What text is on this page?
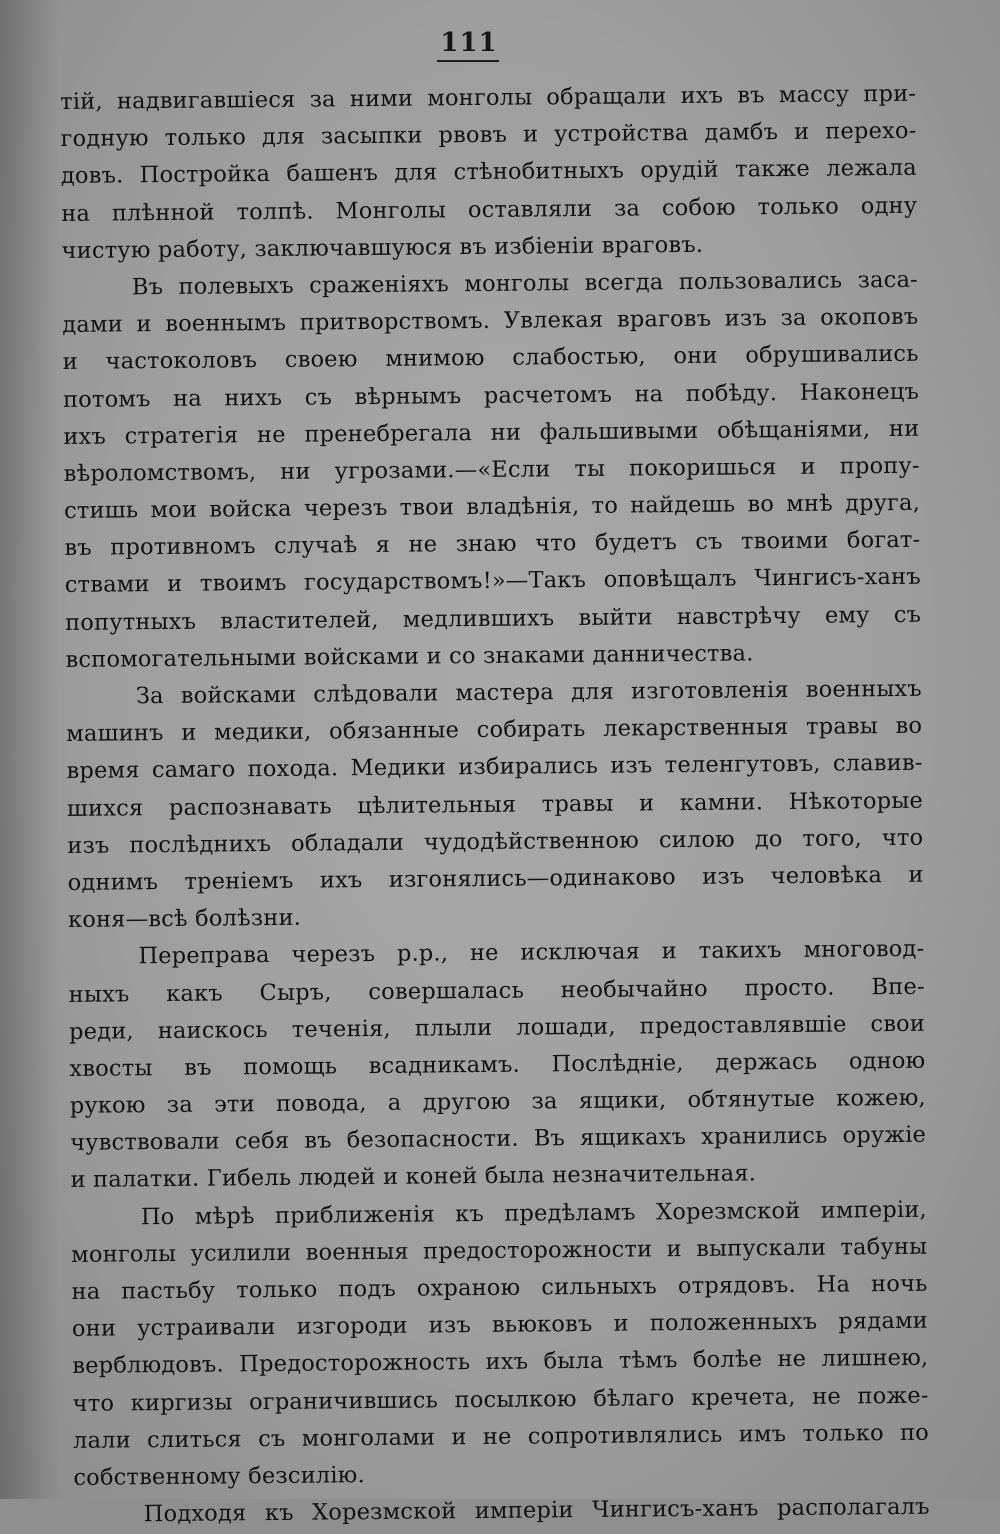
111
тій, надвигавшіеся за ними монголы обращали ихъ въ массу при-
годную только для засыпки рвовъ и устройства дамбъ и перехо-
довъ. Постройка башенъ для стѣнобитныхъ орудій также лежала
на плѣнной толпѣ. Монголы оставляли за собою только одну
чистую работу, заключавшуюся въ избіеніи враговъ.
Въ полевыхъ сраженіяхъ монголы всегда пользовались заса-
дами и военнымъ притворствомъ. Увлекая враговъ изъ за окоповъ
и частоколовъ своею мнимою слабостью, они обрушивались
потомъ на нихъ съ вѣрнымъ расчетомъ на побѣду. Наконецъ
ихъ стратегія не пренебрегала ни фальшивыми обѣщаніями, ни
вѣроломствомъ, ни угрозами.—«Если ты покоришься и пропу-
стишь мои войска черезъ твои владѣнія, то найдешь во мнѣ друга,
въ противномъ случаѣ я не знаю что будетъ съ твоими богат-
ствами и твоимъ государствомъ!»—Такъ оповѣщалъ Чингисъ-ханъ
попутныхъ властителей, медлившихъ выйти навстрѣчу ему съ
вспомогательными войсками и со знаками данничества.
За войсками слѣдовали мастера для изготовленія военныхъ
машинъ и медики, обязанные собирать лекарственныя травы во
время самаго похода. Медики избирались изъ теленгутовъ, славив-
шихся распознавать цѣлительныя травы и камни. Нѣкоторые
изъ послѣднихъ обладали чудодѣйственною силою до того, что
однимъ треніемъ ихъ изгонялись—одинаково изъ человѣка и
коня—всѣ болѣзни.
Переправа черезъ р.р., не исключая и такихъ многовод-
ныхъ какъ Сыръ, совершалась необычайно просто. Впе-
реди, наискось теченія, плыли лошади, предоставлявшіе свои
хвосты въ помощь всадникамъ. Послѣдніе, держась одною
рукою за эти повода, а другою за ящики, обтянутые кожею,
чувствовали себя въ безопасности. Въ ящикахъ хранились оружіе
и палатки. Гибель людей и коней была незначительная.
По мѣрѣ приближенія къ предѣламъ Хорезмской имперіи,
монголы усилили военныя предосторожности и выпускали табуны
на пастьбу только подъ охраною сильныхъ отрядовъ. На ночь
они устраивали изгороди изъ вьюковъ и положенныхъ рядами
верблюдовъ. Предосторожность ихъ была тѣмъ болѣе не лишнею,
что киргизы ограничившись посылкою бѣлаго кречета, не поже-
лали слиться съ монголами и не сопротивлялись имъ только по
собственному безсилію.
Подходя къ Хорезмской имперіи Чингисъ-ханъ располагалъ
